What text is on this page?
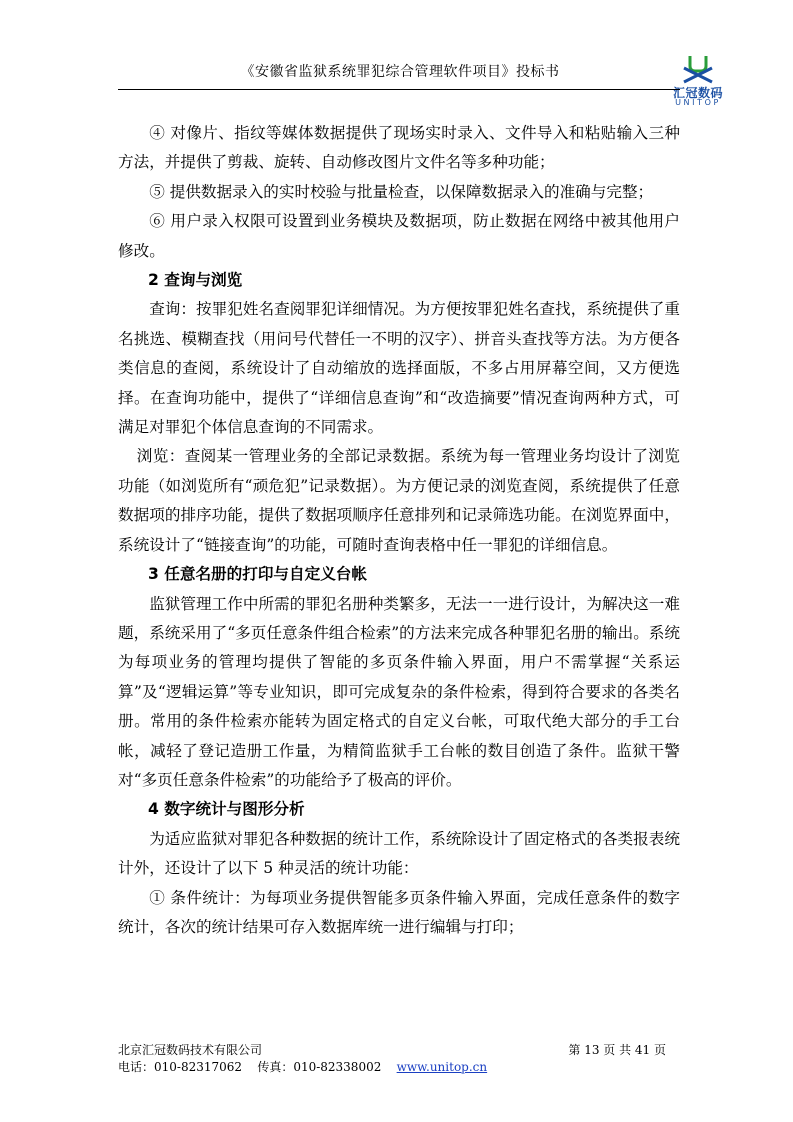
《安徽省监狱系统罪犯综合管理软件项目》投标书
汇冠数码
UNITOP

④ 对像片、指纹等媒体数据提供了现场实时录入、文件导入和粘贴输入三种方法，并提供了剪裁、旋转、自动修改图片文件名等多种功能；

⑤ 提供数据录入的实时校验与批量检查，以保障数据录入的准确与完整；

⑥ 用户录入权限可设置到业务模块及数据项，防止数据在网络中被其他用户修改。

2 查询与浏览

查询：按罪犯姓名查阅罪犯详细情况。为方便按罪犯姓名查找，系统提供了重名挑选、模糊查找（用问号代替任一不明的汉字）、拼音头查找等方法。为方便各类信息的查阅，系统设计了自动缩放的选择面版，不多占用屏幕空间，又方便选择。在查询功能中，提供了“详细信息查询”和“改造摘要”情况查询两种方式，可满足对罪犯个体信息查询的不同需求。

浏览：查阅某一管理业务的全部记录数据。系统为每一管理业务均设计了浏览功能（如浏览所有“顽危犯”记录数据）。为方便记录的浏览查阅，系统提供了任意数据项的排序功能，提供了数据项顺序任意排列和记录筛选功能。在浏览界面中，系统设计了“链接查询”的功能，可随时查询表格中任一罪犯的详细信息。

3 任意名册的打印与自定义台帐

监狱管理工作中所需的罪犯名册种类繁多，无法一一进行设计，为解决这一难题，系统采用了“多页任意条件组合检索”的方法来完成各种罪犯名册的输出。系统为每项业务的管理均提供了智能的多页条件输入界面，用户不需掌握“关系运算”及“逻辑运算”等专业知识，即可完成复杂的条件检索，得到符合要求的各类名册。常用的条件检索亦能转为固定格式的自定义台帐，可取代绝大部分的手工台帐，减轻了登记造册工作量，为精简监狱手工台帐的数目创造了条件。监狱干警对“多页任意条件检索”的功能给予了极高的评价。

4 数字统计与图形分析

为适应监狱对罪犯各种数据的统计工作，系统除设计了固定格式的各类报表统计外，还设计了以下 5 种灵活的统计功能：

① 条件统计：为每项业务提供智能多页条件输入界面，完成任意条件的数字统计，各次的统计结果可存入数据库统一进行编辑与打印；

北京汇冠数码技术有限公司	第 13 页 共 41 页
电话：010-82317062 传真：010-82338002 www.unitop.cn
